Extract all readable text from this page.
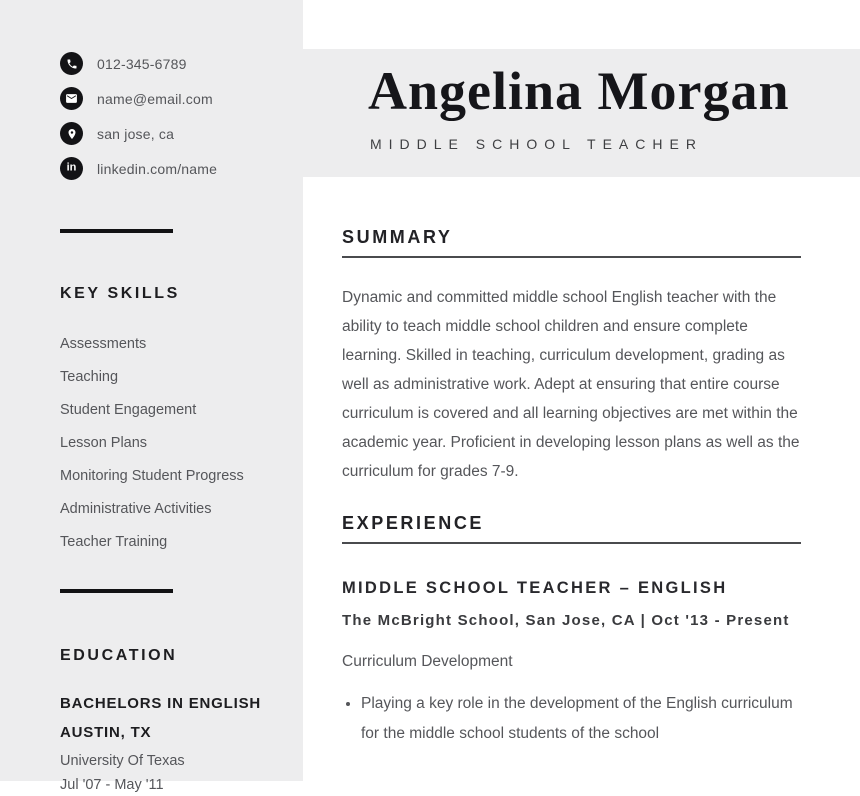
012-345-6789
name@email.com
san jose, ca
in linkedin.com/name
KEY SKILLS
Assessments
Teaching
Student Engagement
Lesson Plans
Monitoring Student Progress
Administrative Activities
Teacher Training
EDUCATION

BACHELORS IN ENGLISH
AUSTIN, TX

University Of Texas

Jul '07 - May '11

Angelina Morgan
MIDDLE SCHOOL TEACHER
SUMMARY

Dynamic and committed middle school English teacher with the ability to teach middle school children and ensure complete learning. Skilled in teaching, curriculum development, grading as well as administrative work. Adept at ensuring that entire course curriculum is covered and all learning objectives are met within the academic year. Proficient in developing lesson plans as well as the curriculum for grades 7-9.

EXPERIENCE
MIDDLE SCHOOL TEACHER – ENGLISH

The McBright School, San Jose, CA | Oct '13 - Present

Curriculum Development

• Playing a key role in the development of the English curriculum for the middle school students of the school
